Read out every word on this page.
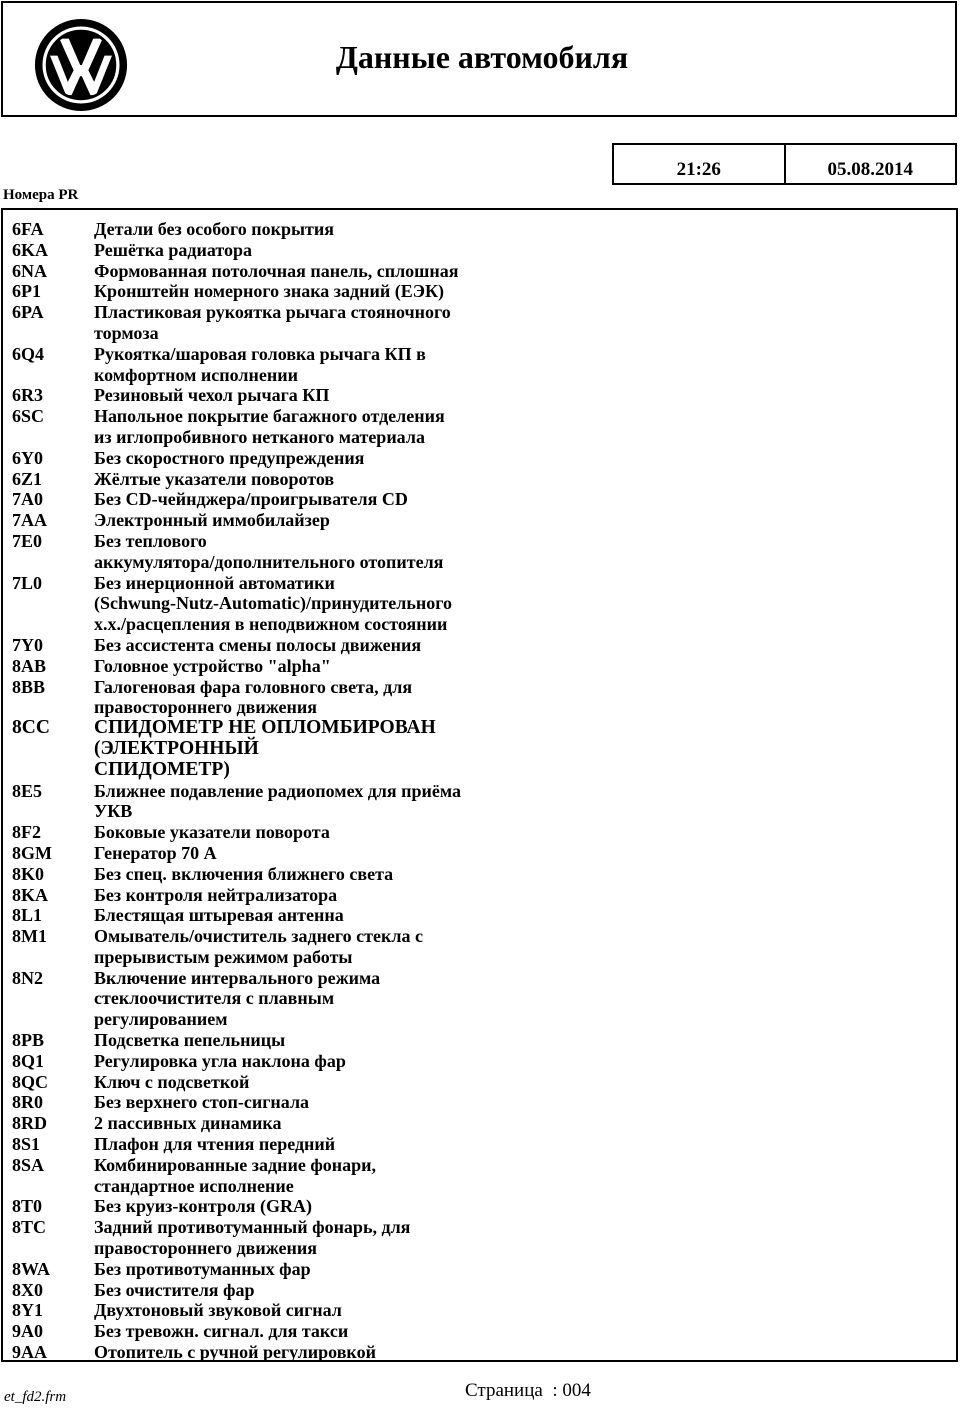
Данные автомобиля
21:26	05.08.2014
Номера PR
6FA	Детали без особого покрытия
6KA	Решётка радиатора
6NA	Формованная потолочная панель, сплошная
6P1	Кронштейн номерного знака задний (ЕЭК)
6PA	Пластиковая рукоятка рычага стояночного
тормоза
6Q4	Рукоятка/шаровая головка рычага КП в
комфортном исполнении
6R3	Резиновый чехол рычага КП
6SC	Напольное покрытие багажного отделения
из иглопробивного нетканого материала
6Y0	Без скоростного предупреждения
6Z1	Жёлтые указатели поворотов
7A0	Без CD-чейнджера/проигрывателя CD
7AA	Электронный иммобилайзер
7E0	Без теплового
аккумулятора/дополнительного отопителя
7L0	Без инерционной автоматики
(Schwung-Nutz-Automatic)/принудительного
х.х./расцепления в неподвижном состоянии
7Y0	Без ассистента смены полосы движения
8AB	Головное устройство "alpha"
8BB	Галогеновая фара головного света, для
правостороннего движения
8CC	СПИДОМЕТР НЕ ОПЛОМБИРОВАН (ЭЛЕКТРОННЫЙ
СПИДОМЕТР)
8E5	Ближнее подавление радиопомех для приёма
УКВ
8F2	Боковые указатели поворота
8GM	Генератор 70 А
8K0	Без спец. включения ближнего света
8KA	Без контроля нейтрализатора
8L1	Блестящая штыревая антенна
8M1	Омыватель/очиститель заднего стекла с
прерывистым режимом работы
8N2	Включение интервального режима
стеклоочистителя с плавным
регулированием
8PB	Подсветка пепельницы
8Q1	Регулировка угла наклона фар
8QC	Ключ с подсветкой
8R0	Без верхнего стоп-сигнала
8RD	2 пассивных динамика
8S1	Плафон для чтения передний
8SA	Комбинированные задние фонари,
стандартное исполнение
8T0	Без круиз-контроля (GRA)
8TC	Задний противотуманный фонарь, для
правостороннего движения
8WA	Без противотуманных фар
8X0	Без очистителя фар
8Y1	Двухтоновый звуковой сигнал
9A0	Без тревожн. сигнал. для такси
9AA	Отопитель с ручной регулировкой
et_fd2.frm	Страница  : 004
